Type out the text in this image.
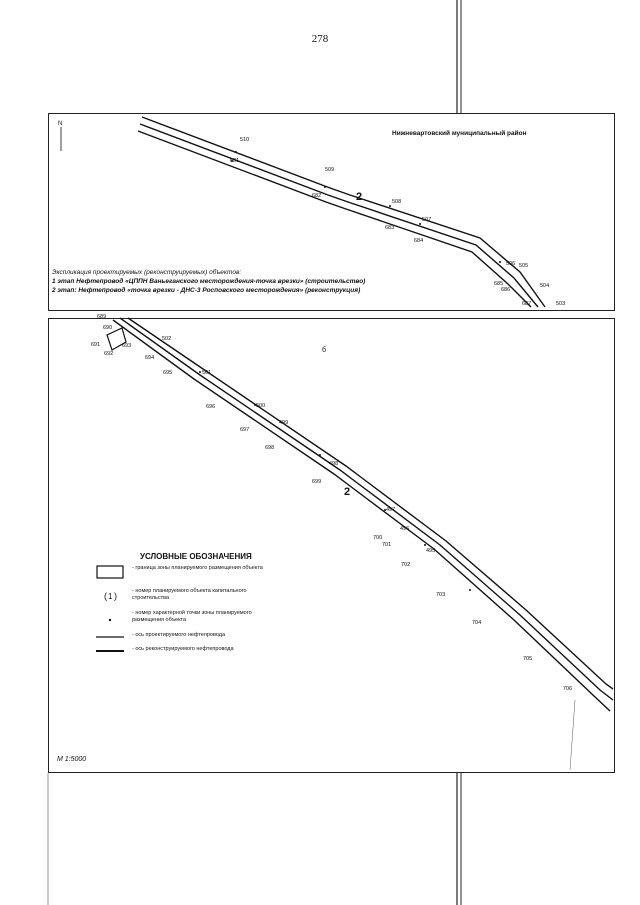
278
510
681
509
682
508
507
683
684
506 505
685
686
504
687	503
2
N
Нижневартовский муниципальный район
Экспликация проектируемых (реконструируемых) объектов:
1 этап Нефтепровод «ЦППН Ваньеганского месторождения-точка врезки» (строительство)
2 этап: Нефтепровод «точка врезки - ДНС-3 Росповского месторождения» (реконструкция)
б
689
690
691
692
693
694
695
502
501
696
697
500
499
698
699
498
497
700
701
496
702
495
703
704
705
706
2
УСЛОВНЫЕ ОБОЗНАЧЕНИЯ
- граница зоны планируемого размещения объекта
( 1 )	- номер планируемого объекта капитального строительства
- номер характерной точки зоны планируемого размещения объекта
- ось проектируемого нефтепровода
- ось реконструируемого нефтепровода
М 1:5000
